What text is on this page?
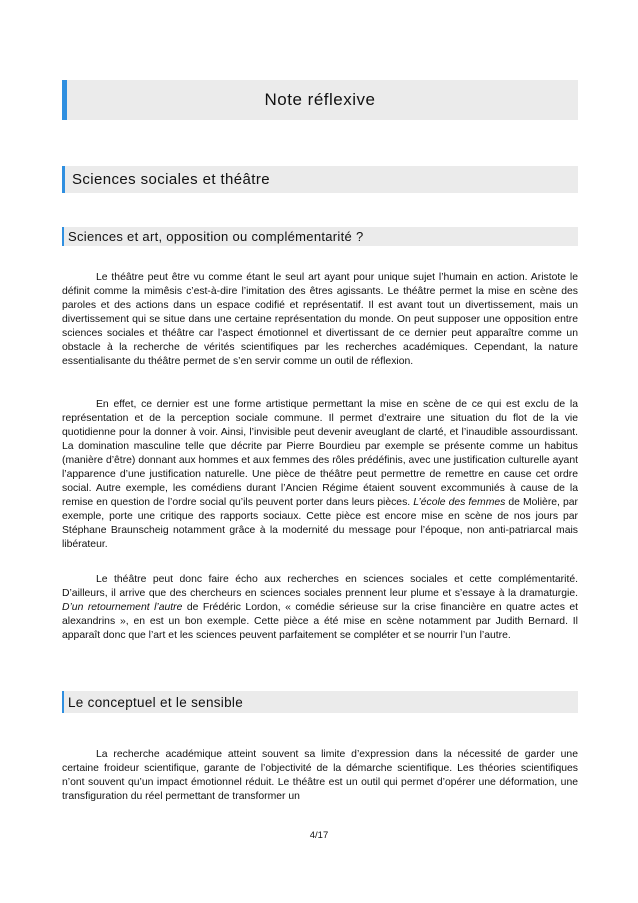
Note réflexive
Sciences sociales et théâtre
Sciences et art, opposition ou complémentarité ?

Le théâtre peut être vu comme étant le seul art ayant pour unique sujet l’humain en action. Aristote le définit comme la mimêsis c’est-à-dire l’imitation des êtres agissants. Le théâtre permet la mise en scène des paroles et des actions dans un espace codifié et représentatif. Il est avant tout un divertissement, mais un divertissement qui se situe dans une certaine représentation du monde. On peut supposer une opposition entre sciences sociales et théâtre car l’aspect émotionnel et divertissant de ce dernier peut apparaître comme un obstacle à la recherche de vérités scientifiques par les recherches académiques. Cependant, la nature essentialisante du théâtre permet de s’en servir comme un outil de réflexion.

En effet, ce dernier est une forme artistique permettant la mise en scène de ce qui est exclu de la représentation et de la perception sociale commune. Il permet d’extraire une situation du flot de la vie quotidienne pour la donner à voir. Ainsi, l’invisible peut devenir aveuglant de clarté, et l’inaudible assourdissant. La domination masculine telle que décrite par Pierre Bourdieu par exemple se présente comme un habitus (manière d’être) donnant aux hommes et aux femmes des rôles prédéfinis, avec une justification culturelle ayant l’apparence d’une justification naturelle. Une pièce de théâtre peut permettre de remettre en cause cet ordre social. Autre exemple, les comédiens durant l’Ancien Régime étaient souvent excommuniés à cause de la remise en question de l’ordre social qu’ils peuvent porter dans leurs pièces. L’école des femmes de Molière, par exemple, porte une critique des rapports sociaux. Cette pièce est encore mise en scène de nos jours par Stéphane Braunscheig notamment grâce à la modernité du message pour l’époque, non anti-patriarcal mais libérateur.

Le théâtre peut donc faire écho aux recherches en sciences sociales et cette complémentarité. D’ailleurs, il arrive que des chercheurs en sciences sociales prennent leur plume et s’essaye à la dramaturgie. D’un retournement l’autre de Frédéric Lordon, « comédie sérieuse sur la crise financière en quatre actes et alexandrins », en est un bon exemple. Cette pièce a été mise en scène notamment par Judith Bernard. Il apparaît donc que l’art et les sciences peuvent parfaitement se compléter et se nourrir l’un l’autre.

Le conceptuel et le sensible

La recherche académique atteint souvent sa limite d’expression dans la nécessité de garder une certaine froideur scientifique, garante de l’objectivité de la démarche scientifique. Les théories scientifiques n’ont souvent qu’un impact émotionnel réduit. Le théâtre est un outil qui permet d’opérer une déformation, une transfiguration du réel permettant de transformer un

4/17
